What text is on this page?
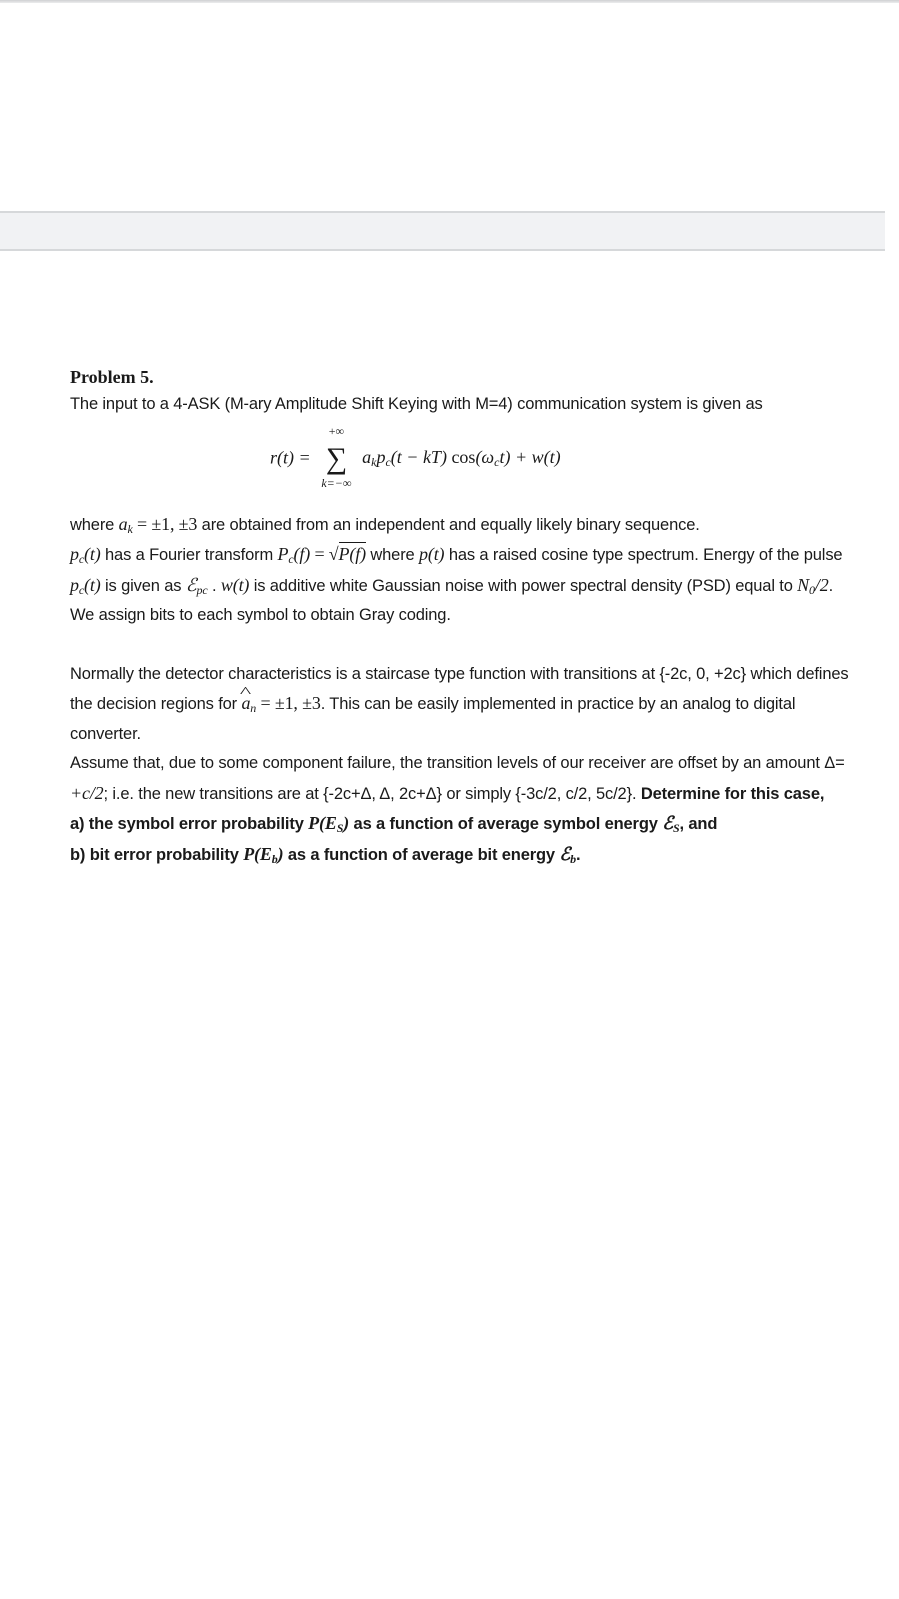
Problem 5.

The input to a 4-ASK (M-ary Amplitude Shift Keying with M=4) communication system is given as

r(t) =
+∞
∑
k=−∞
$a_kp_c(t - kT) \cos(\omega_ct) + w(t)$

where $a_k = \pm 1$, ±3 are obtained from an independent and equally likely binary sequence.
$p_c(t)$ has a Fourier transform $P_c(f) = √P(f)$ where p(t) has a raised cosine type spectrum. Energy of the pulse $p_c(t)$ is given as ℰ$_{pc}$ . w(t) is additive white Gaussian noise with power spectral density (PSD) equal to $N_0/2$.
We assign bits to each symbol to obtain Gray coding.

Normally the detector characteristics is a staircase type function with transitions at {-2c, 0, +2c} which defines the decision regions for ^ $a_n = \pm 1$, ±3. This can be easily implemented in practice by an analog to digital converter.
Assume that, due to some component failure, the transition levels of our receiver are offset by an amount Δ= +c/2; i.e. the new transitions are at {-2c+Δ, Δ, 2c+Δ} or simply {-3c/2, c/2, 5c/2}. Determine for this case,
a) the symbol error probability $P(E_S)$ as a function of average symbol energy ℰ$_S$, and
b) bit error probability $P(E_b)$ as a function of average bit energy ℰ$_b$.
